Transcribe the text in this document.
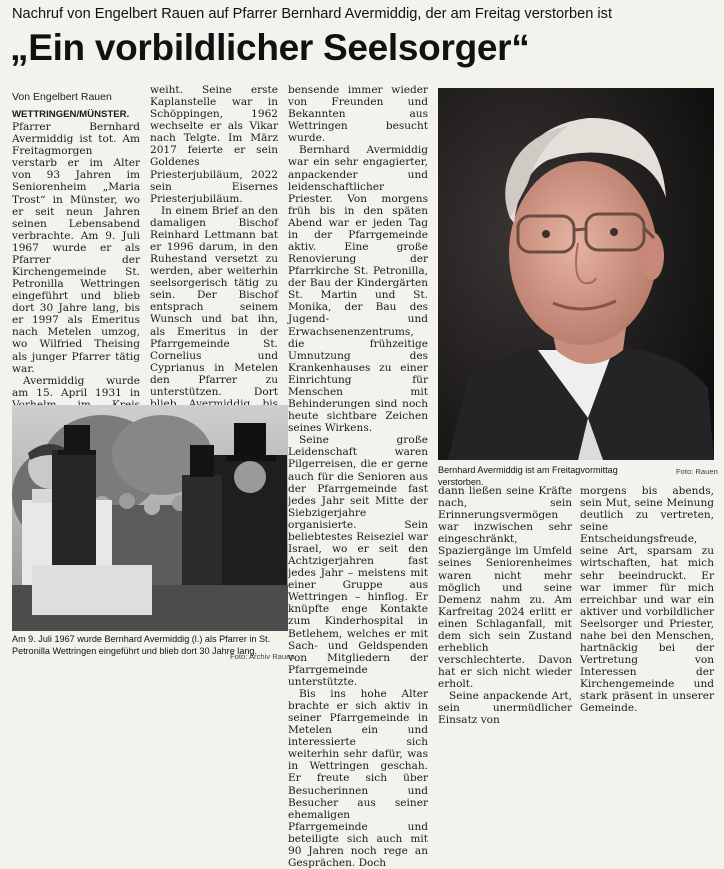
Nachruf von Engelbert Rauen auf Pfarrer Bernhard Avermiddig, der am Freitag verstorben ist
„Ein vorbildlicher Seelsorger“
Von Engelbert Rauen

WETTRINGEN/MÜNSTER. Pfarrer Bernhard Avermiddig ist tot. Am Freitagmorgen verstarb er im Alter von 93 Jahren im Seniorenheim „Maria Trost“ in Münster, wo er seit neun Jahren seinen Lebensabend verbrachte. Am 9. Juli 1967 wurde er als Pfarrer der Kirchengemeinde St. Petronilla Wettringen eingeführt und blieb dort 30 Jahre lang, bis er 1997 als Emeritus nach Metelen umzog, wo Wilfried Theising als junger Pfarrer tätig war.

Avermiddig wurde am 15. April 1931 in

weiht. Seine erste Kaplanstelle war in Schöppingen, 1962 wechselte er als Vikar nach Telgte. Im März 2017 feierte er sein Goldenes Priesterjubiläum, 2022 sein Eisernes Priesterjubiläum.

In einem Brief an den damaligen Bischof Reinhard Lettmann bat er 1996 darum, in den Ruhestand versetzt zu werden, aber weiterhin seelsorgerisch tätig zu sein. Der Bischof entsprach seinem Wunsch und bat ihn, als Emeritus in der Pfarrgemeinde St. Cornelius und Cyprianus in Metelen den Pfarrer zu unterstützen. Dort

bensende immer wieder von Freunden und Bekannten aus Wettringen besucht wurde.

Bernhard Avermiddig war ein sehr engagierter, anpackender und leidenschaftlicher Priester. Von morgens früh bis in den späten Abend war er jeden Tag in der Pfarrgemeinde aktiv. Eine große Renovierung der Pfarrkirche St. Petronilla, der Bau der Kindergärten St. Martin und St. Monika, der Bau des Jugend- und Erwachsenenzentrums, die frühzeitige Umnutzung des Krankenhauses zu einer Einrichtung für Menschen mit Behinderungen sind noch heute sichtbare Zeichen seines Wirkens.

Seine große Leidenschaft waren Pilgerreisen, die er gerne auch für die Senioren aus der Pfarrgemeinde fast jedes Jahr seit Mitte der Siebzigerjahre organisierte. Sein beliebtestes Reiseziel war Israel, wo er seit den Achtzigerjahren fast jedes Jahr – meistens mit einer Gruppe aus Wettringen – hinflog. Er knüpfte enge Kontakte zum Kinderhospital in Betlehem, welches er mit Sach- und Geldspenden von Mitgliedern der Pfarrgemeinde unterstützte.

Bis ins hohe Alter brachte er sich aktiv in seiner Pfarrgemeinde in Metelen ein und interessierte sich weiterhin sehr dafür, was in Wettringen geschah. Er freute sich über Besucherinnen und Besucher aus seiner ehemaligen Pfarrgemeinde und beteiligte sich auch mit 90 Jahren noch rege an Gesprächen. Doch

dann ließen seine Kräfte nach, sein Erinnerungsvermögen war inzwischen sehr eingeschränkt, Spaziergänge im Umfeld seines Seniorenheimes waren nicht mehr möglich und seine Demenz nahm zu. Am Karfreitag 2024 erlitt er einen Schlaganfall, mit dem sich sein Zustand erheblich verschlechterte. Davon hat er sich nicht wieder erholt.

Seine anpackende Art, sein unermüdlicher Einsatz von

morgens bis abends, sein Mut, seine Meinung deutlich zu vertreten, seine Entscheidungsfreude, seine Art, sparsam zu wirtschaften, hat mich sehr beeindruckt. Er war immer für mich erreichbar und war ein aktiver und vorbildlicher Seelsorger und Priester, nahe bei den Menschen, hartnäckig bei der Vertretung von Interessen der Kirchengemeinde und stark präsent in unserer Gemeinde.

Am 9. Juli 1967 wurde Bernhard Avermiddig (l.) als Pfarrer in St. Petronilla Wettringen eingeführt und blieb dort 30 Jahre lang.
Foto: Archiv Rauen
Bernhard Avermiddig ist am Freitagvormittag verstorben.
Foto: Rauen
